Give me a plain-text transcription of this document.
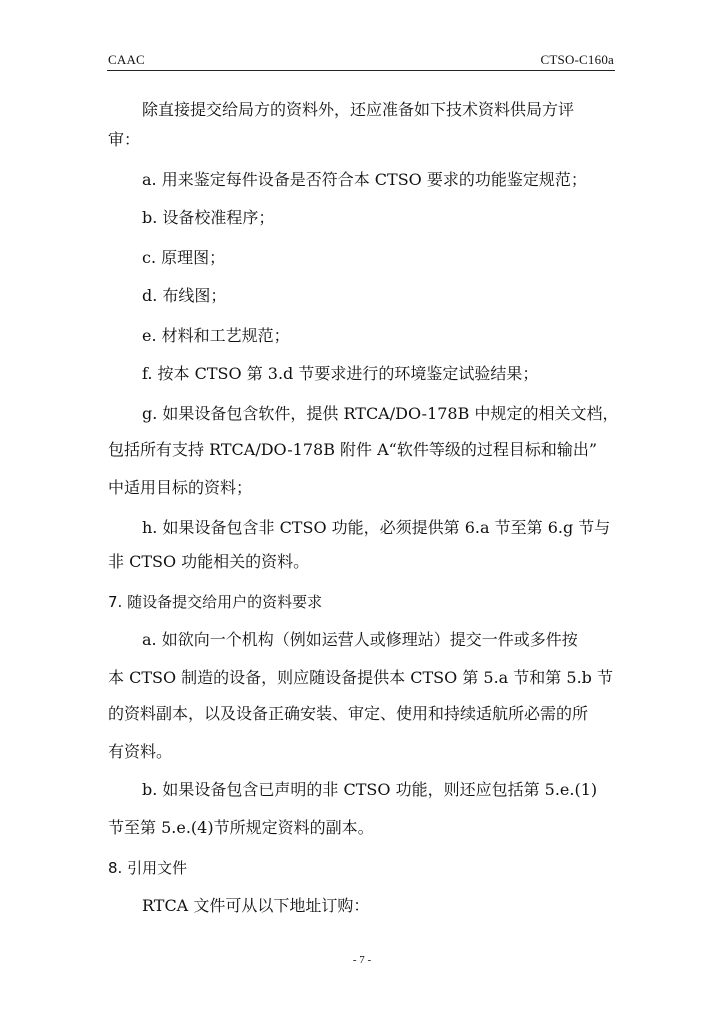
CAAC	CTSO-C160a
除直接提交给局方的资料外，还应准备如下技术资料供局方评
审：
a. 用来鉴定每件设备是否符合本 CTSO 要求的功能鉴定规范；
b. 设备校准程序；
c. 原理图；
d. 布线图；
e. 材料和工艺规范；
f. 按本 CTSO 第 3.d 节要求进行的环境鉴定试验结果；
g. 如果设备包含软件，提供 RTCA/DO-178B 中规定的相关文档，
包括所有支持 RTCA/DO-178B 附件 A“软件等级的过程目标和输出”
中适用目标的资料；
h. 如果设备包含非 CTSO 功能，必须提供第 6.a 节至第 6.g 节与
非 CTSO 功能相关的资料。
7. 随设备提交给用户的资料要求
a. 如欲向一个机构（例如运营人或修理站）提交一件或多件按
本 CTSO 制造的设备，则应随设备提供本 CTSO 第 5.a 节和第 5.b 节
的资料副本，以及设备正确安装、审定、使用和持续适航所必需的所
有资料。
b. 如果设备包含已声明的非 CTSO 功能，则还应包括第 5.e.(1)
节至第 5.e.(4)节所规定资料的副本。
8. 引用文件
RTCA 文件可从以下地址订购：
- 7 -
